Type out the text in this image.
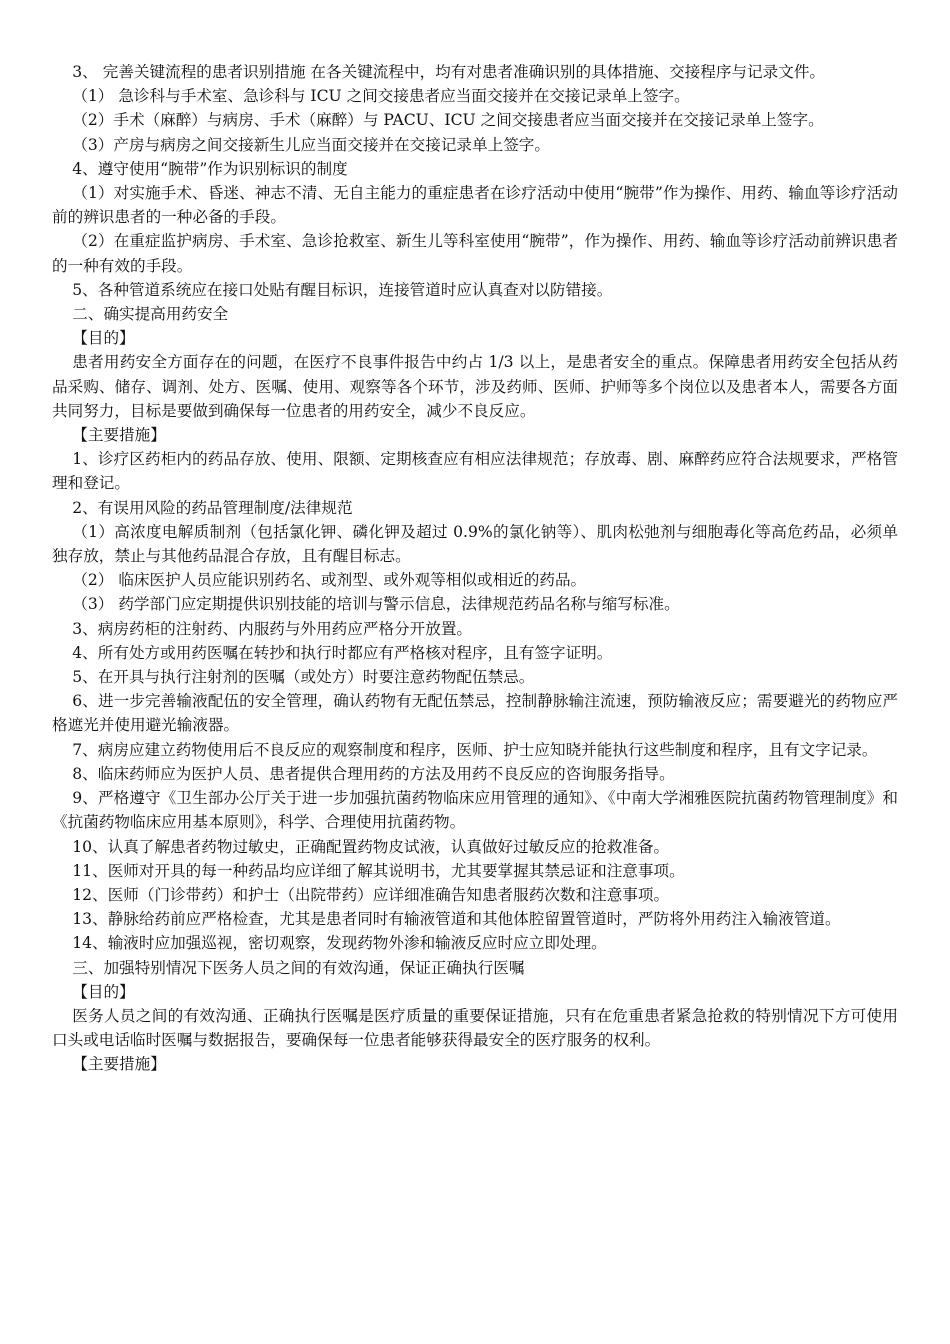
3、 完善关键流程的患者识别措施 在各关键流程中，均有对患者准确识别的具体措施、交接程序与记录文件。

（1） 急诊科与手术室、急诊科与 ICU 之间交接患者应当面交接并在交接记录单上签字。

（2）手术（麻醉）与病房、手术（麻醉）与 PACU、ICU 之间交接患者应当面交接并在交接记录单上签字。

（3）产房与病房之间交接新生儿应当面交接并在交接记录单上签字。

4、遵守使用“腕带”作为识别标识的制度

（1）对实施手术、昏迷、神志不清、无自主能力的重症患者在诊疗活动中使用“腕带”作为操作、用药、输血等诊疗活动前的辨识患者的一种必备的手段。

（2）在重症监护病房、手术室、急诊抢救室、新生儿等科室使用“腕带”，作为操作、用药、输血等诊疗活动前辨识患者的一种有效的手段。

5、各种管道系统应在接口处贴有醒目标识，连接管道时应认真查对以防错接。

二、确实提高用药安全

【目的】

患者用药安全方面存在的问题，在医疗不良事件报告中约占 1/3 以上，是患者安全的重点。保障患者用药安全包括从药品采购、储存、调剂、处方、医嘱、使用、观察等各个环节，涉及药师、医师、护师等多个岗位以及患者本人，需要各方面共同努力，目标是要做到确保每一位患者的用药安全，减少不良反应。

【主要措施】

1、诊疗区药柜内的药品存放、使用、限额、定期核查应有相应法律规范；存放毒、剧、麻醉药应符合法规要求，严格管理和登记。

2、有误用风险的药品管理制度/法律规范

（1）高浓度电解质制剂（包括氯化钾、磷化钾及超过 0.9%的氯化钠等）、肌肉松弛剂与细胞毒化等高危药品，必须单独存放，禁止与其他药品混合存放，且有醒目标志。

（2） 临床医护人员应能识别药名、或剂型、或外观等相似或相近的药品。

（3） 药学部门应定期提供识别技能的培训与警示信息，法律规范药品名称与缩写标准。

3、病房药柜的注射药、内服药与外用药应严格分开放置。

4、所有处方或用药医嘱在转抄和执行时都应有严格核对程序，且有签字证明。

5、在开具与执行注射剂的医嘱（或处方）时要注意药物配伍禁忌。

6、进一步完善输液配伍的安全管理，确认药物有无配伍禁忌，控制静脉输注流速，预防输液反应；需要避光的药物应严格遮光并使用避光输液器。

7、病房应建立药物使用后不良反应的观察制度和程序，医师、护士应知晓并能执行这些制度和程序，且有文字记录。

8、临床药师应为医护人员、患者提供合理用药的方法及用药不良反应的咨询服务指导。

9、严格遵守《卫生部办公厅关于进一步加强抗菌药物临床应用管理的通知》、《中南大学湘雅医院抗菌药物管理制度》和《抗菌药物临床应用基本原则》，科学、合理使用抗菌药物。

10、认真了解患者药物过敏史，正确配置药物皮试液，认真做好过敏反应的抢救准备。

11、医师对开具的每一种药品均应详细了解其说明书，尤其要掌握其禁忌证和注意事项。

12、医师（门诊带药）和护士（出院带药）应详细准确告知患者服药次数和注意事项。

13、静脉给药前应严格检查，尤其是患者同时有输液管道和其他体腔留置管道时，严防将外用药注入输液管道。

14、输液时应加强巡视，密切观察，发现药物外渗和输液反应时应立即处理。

三、加强特别情况下医务人员之间的有效沟通，保证正确执行医嘱

【目的】

医务人员之间的有效沟通、正确执行医嘱是医疗质量的重要保证措施，只有在危重患者紧急抢救的特别情况下方可使用口头或电话临时医嘱与数据报告，要确保每一位患者能够获得最安全的医疗服务的权利。

【主要措施】
